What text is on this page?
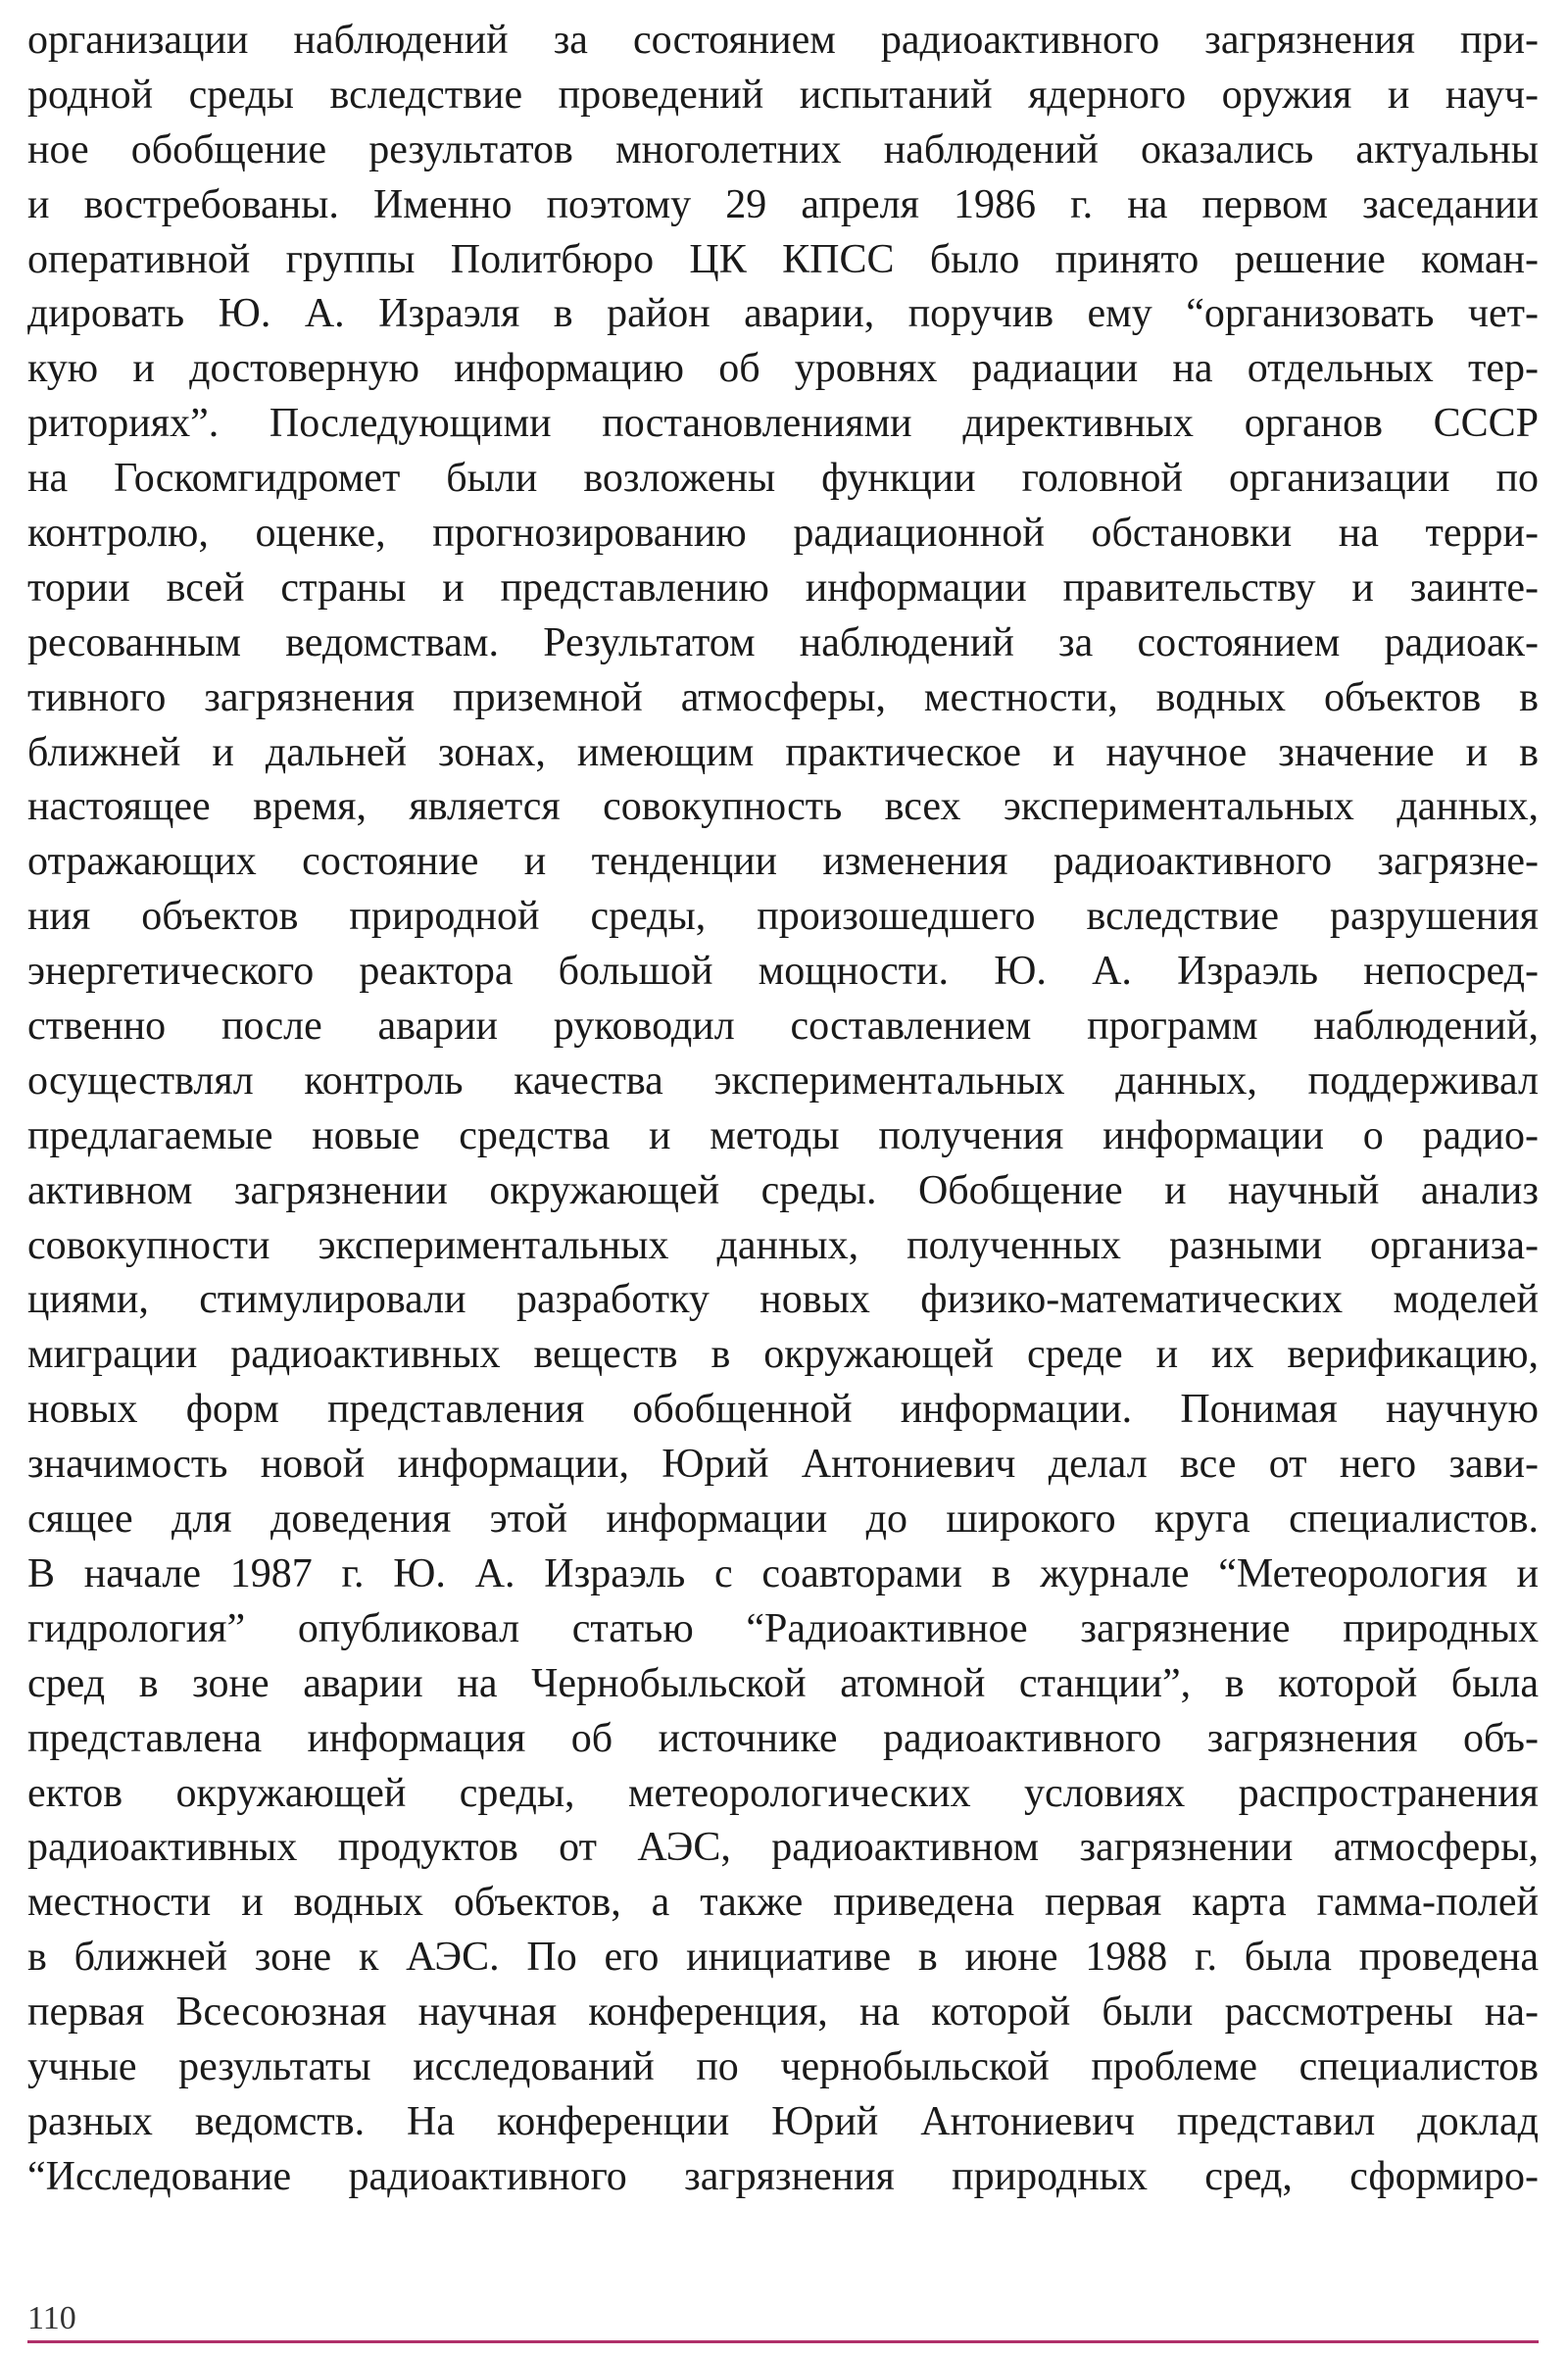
организации наблюдений за состоянием радиоактивного загрязнения при-
родной среды вследствие проведений испытаний ядерного оружия и науч-
ное обобщение результатов многолетних наблюдений оказались актуальны
и востребованы. Именно поэтому 29 апреля 1986 г. на первом заседании
оперативной группы Политбюро ЦК КПСС было принято решение коман-
дировать Ю. А. Израэля в район аварии, поручив ему “организовать чет-
кую и достоверную информацию об уровнях радиации на отдельных тер-
риториях”. Последующими постановлениями директивных органов СССР
на Госкомгидромет были возложены функции головной организации по
контролю, оценке, прогнозированию радиационной обстановки на терри-
тории всей страны и представлению информации правительству и заинте-
ресованным ведомствам. Результатом наблюдений за состоянием радиоак-
тивного загрязнения приземной атмосферы, местности, водных объектов в
ближней и дальней зонах, имеющим практическое и научное значение и в
настоящее время, является совокупность всех экспериментальных данных,
отражающих состояние и тенденции изменения радиоактивного загрязне-
ния объектов природной среды, произошедшего вследствие разрушения
энергетического реактора большой мощности. Ю. А. Израэль непосред-
ственно после аварии руководил составлением программ наблюдений,
осуществлял контроль качества экспериментальных данных, поддерживал
предлагаемые новые средства и методы получения информации о радио-
активном загрязнении окружающей среды. Обобщение и научный анализ
совокупности экспериментальных данных, полученных разными организа-
циями, стимулировали разработку новых физико-математических моделей
миграции радиоактивных веществ в окружающей среде и их верификацию,
новых форм представления обобщенной информации. Понимая научную
значимость новой информации, Юрий Антониевич делал все от него зави-
сящее для доведения этой информации до широкого круга специалистов.
В начале 1987 г. Ю. А. Израэль с соавторами в журнале “Метеорология и
гидрология” опубликовал статью “Радиоактивное загрязнение природных
сред в зоне аварии на Чернобыльской атомной станции”, в которой была
представлена информация об источнике радиоактивного загрязнения объ-
ектов окружающей среды, метеорологических условиях распространения
радиоактивных продуктов от АЭС, радиоактивном загрязнении атмосферы,
местности и водных объектов, а также приведена первая карта гамма-полей
в ближней зоне к АЭС. По его инициативе в июне 1988 г. была проведена
первая Всесоюзная научная конференция, на которой были рассмотрены на-
учные результаты исследований по чернобыльской проблеме специалистов
разных ведомств. На конференции Юрий Антониевич представил доклад
“Исследование радиоактивного загрязнения природных сред, сформиро-
110
